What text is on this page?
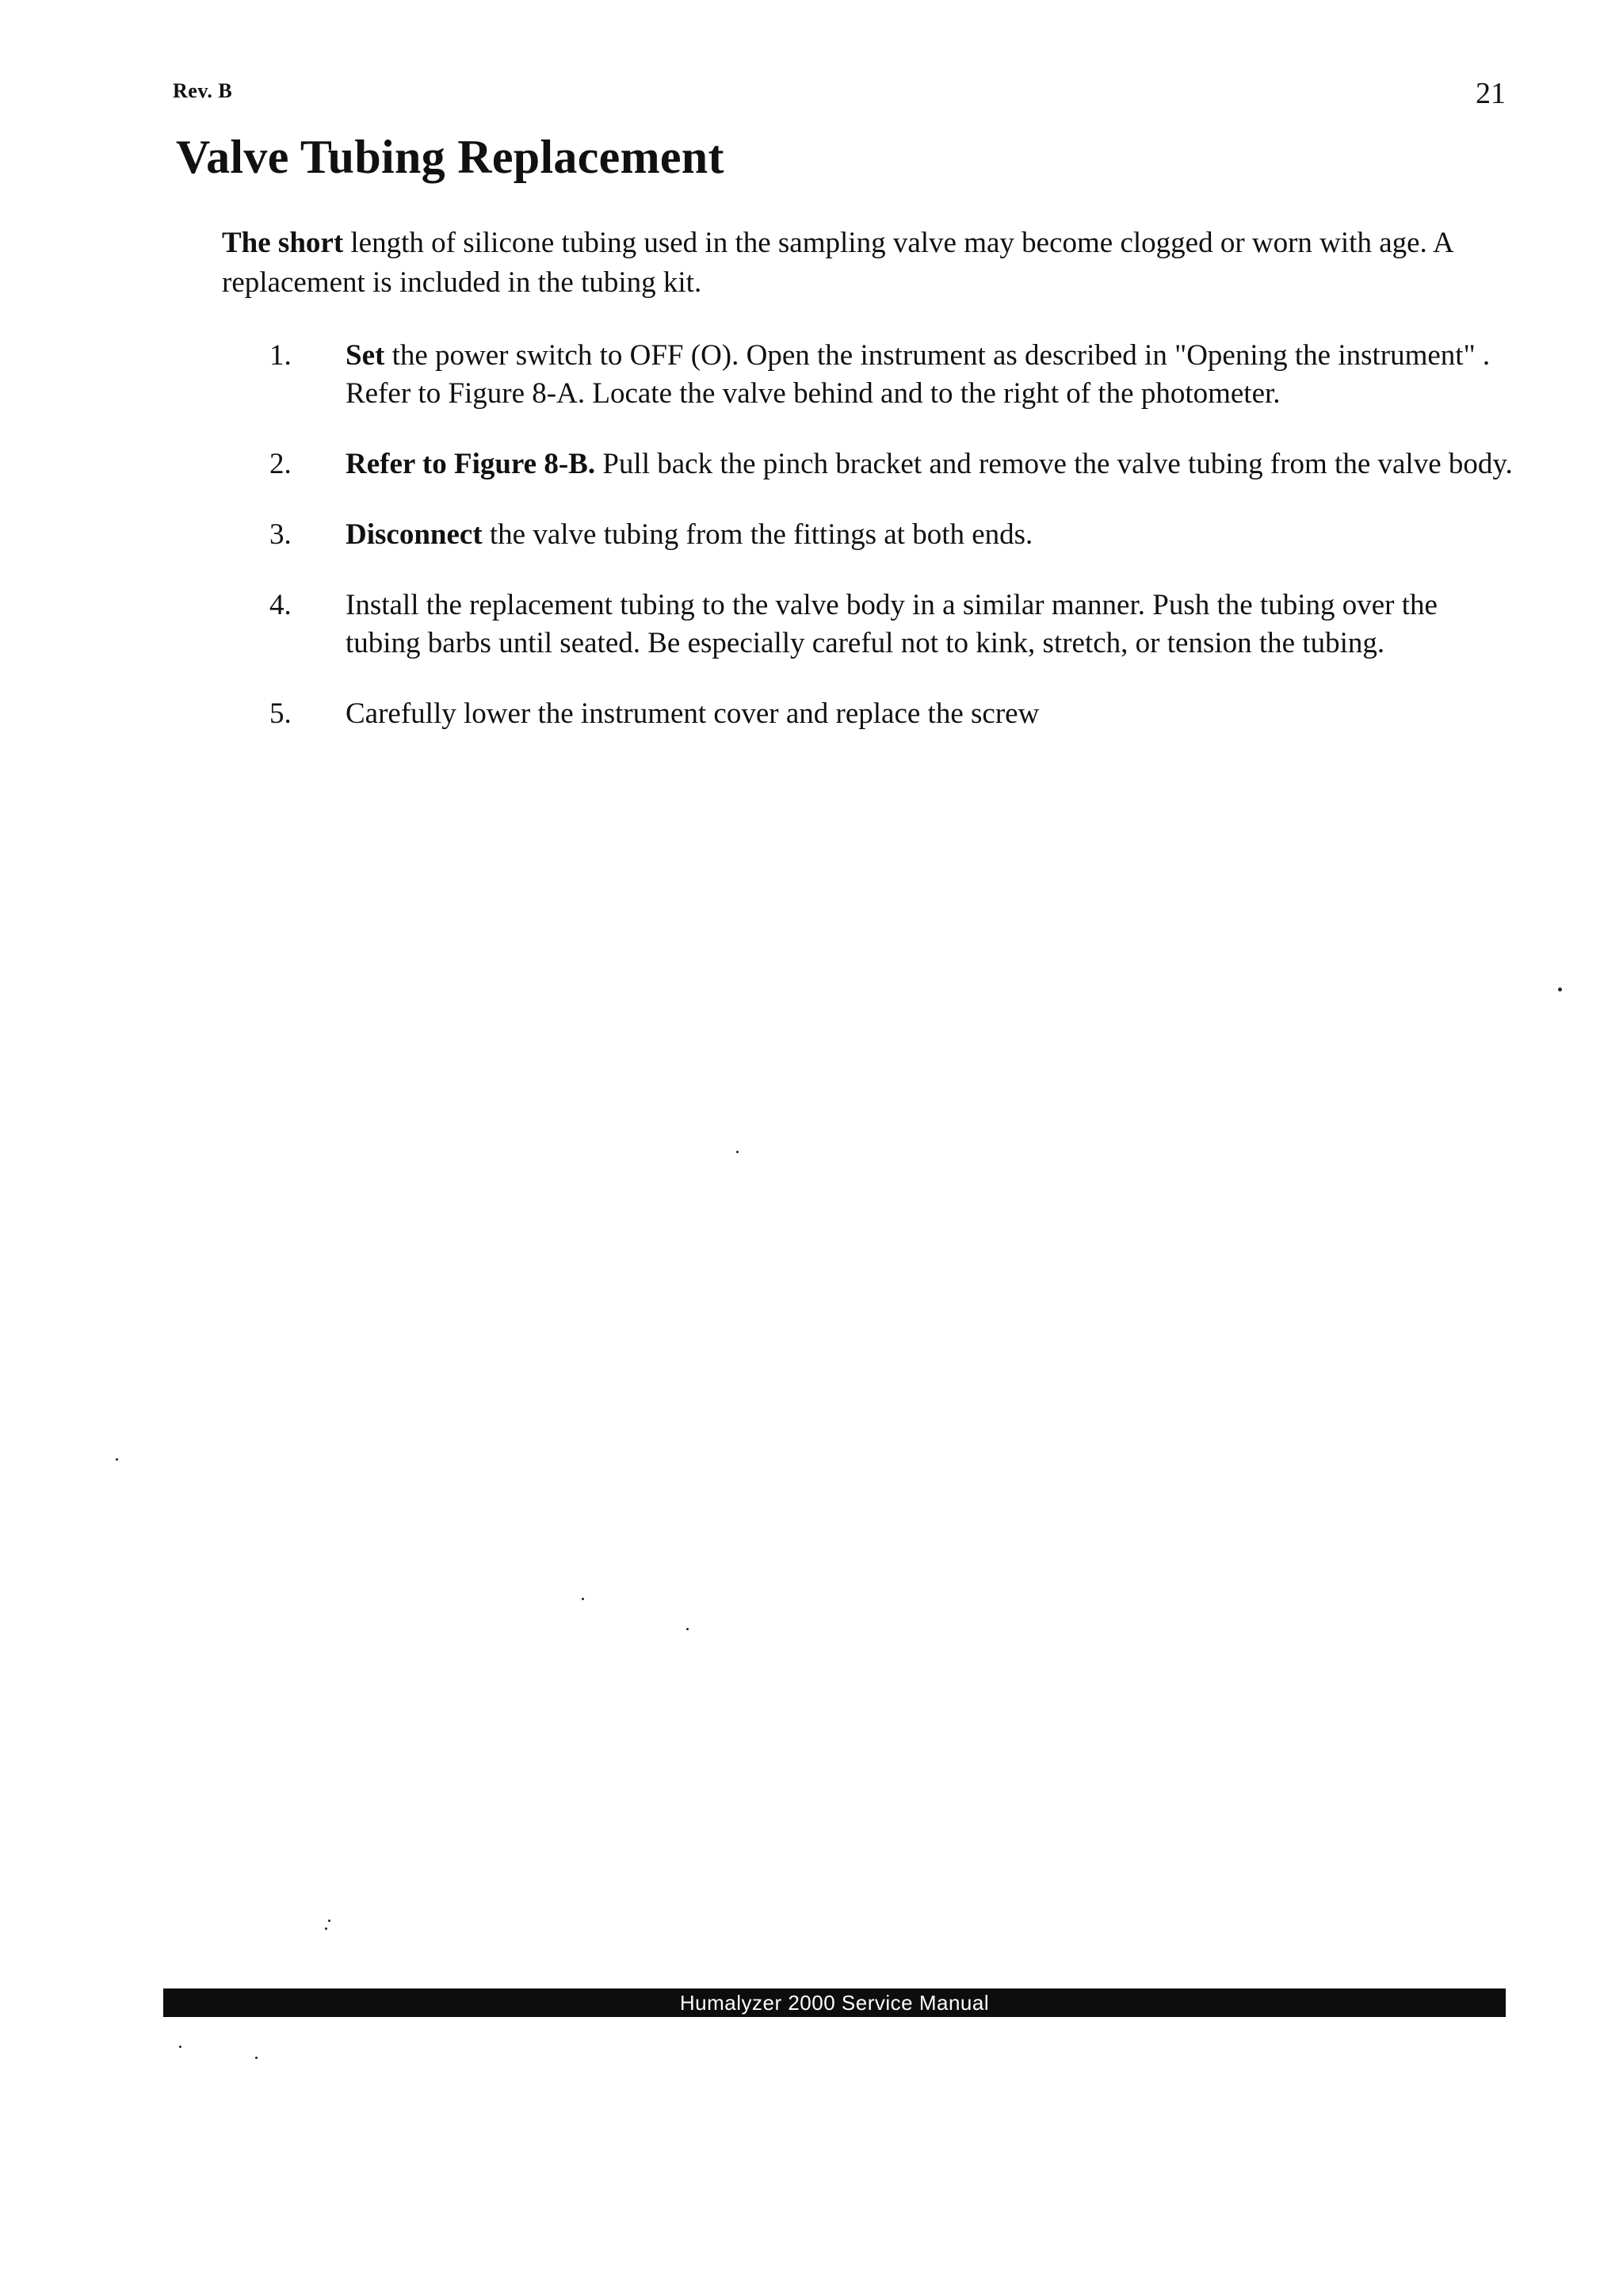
Rev. B	21
Valve Tubing Replacement

The short length of silicone tubing used in the sampling valve may become clogged or worn with age. A replacement is included in the tubing kit.

1. Set the power switch to OFF (O). Open the instrument as described in "Opening the instrument" . Refer to Figure 8-A. Locate the valve behind and to the right of the photometer.
2. Refer to Figure 8-B. Pull back the pinch bracket and remove the valve tubing from the valve body.
3. Disconnect the valve tubing from the fittings at both ends.
4. Install the replacement tubing to the valve body in a similar manner. Push the tubing over the tubing barbs until seated. Be especially careful not to kink, stretch, or tension the tubing.
5. Carefully lower the instrument cover and replace the screw
Humalyzer 2000 Service Manual
